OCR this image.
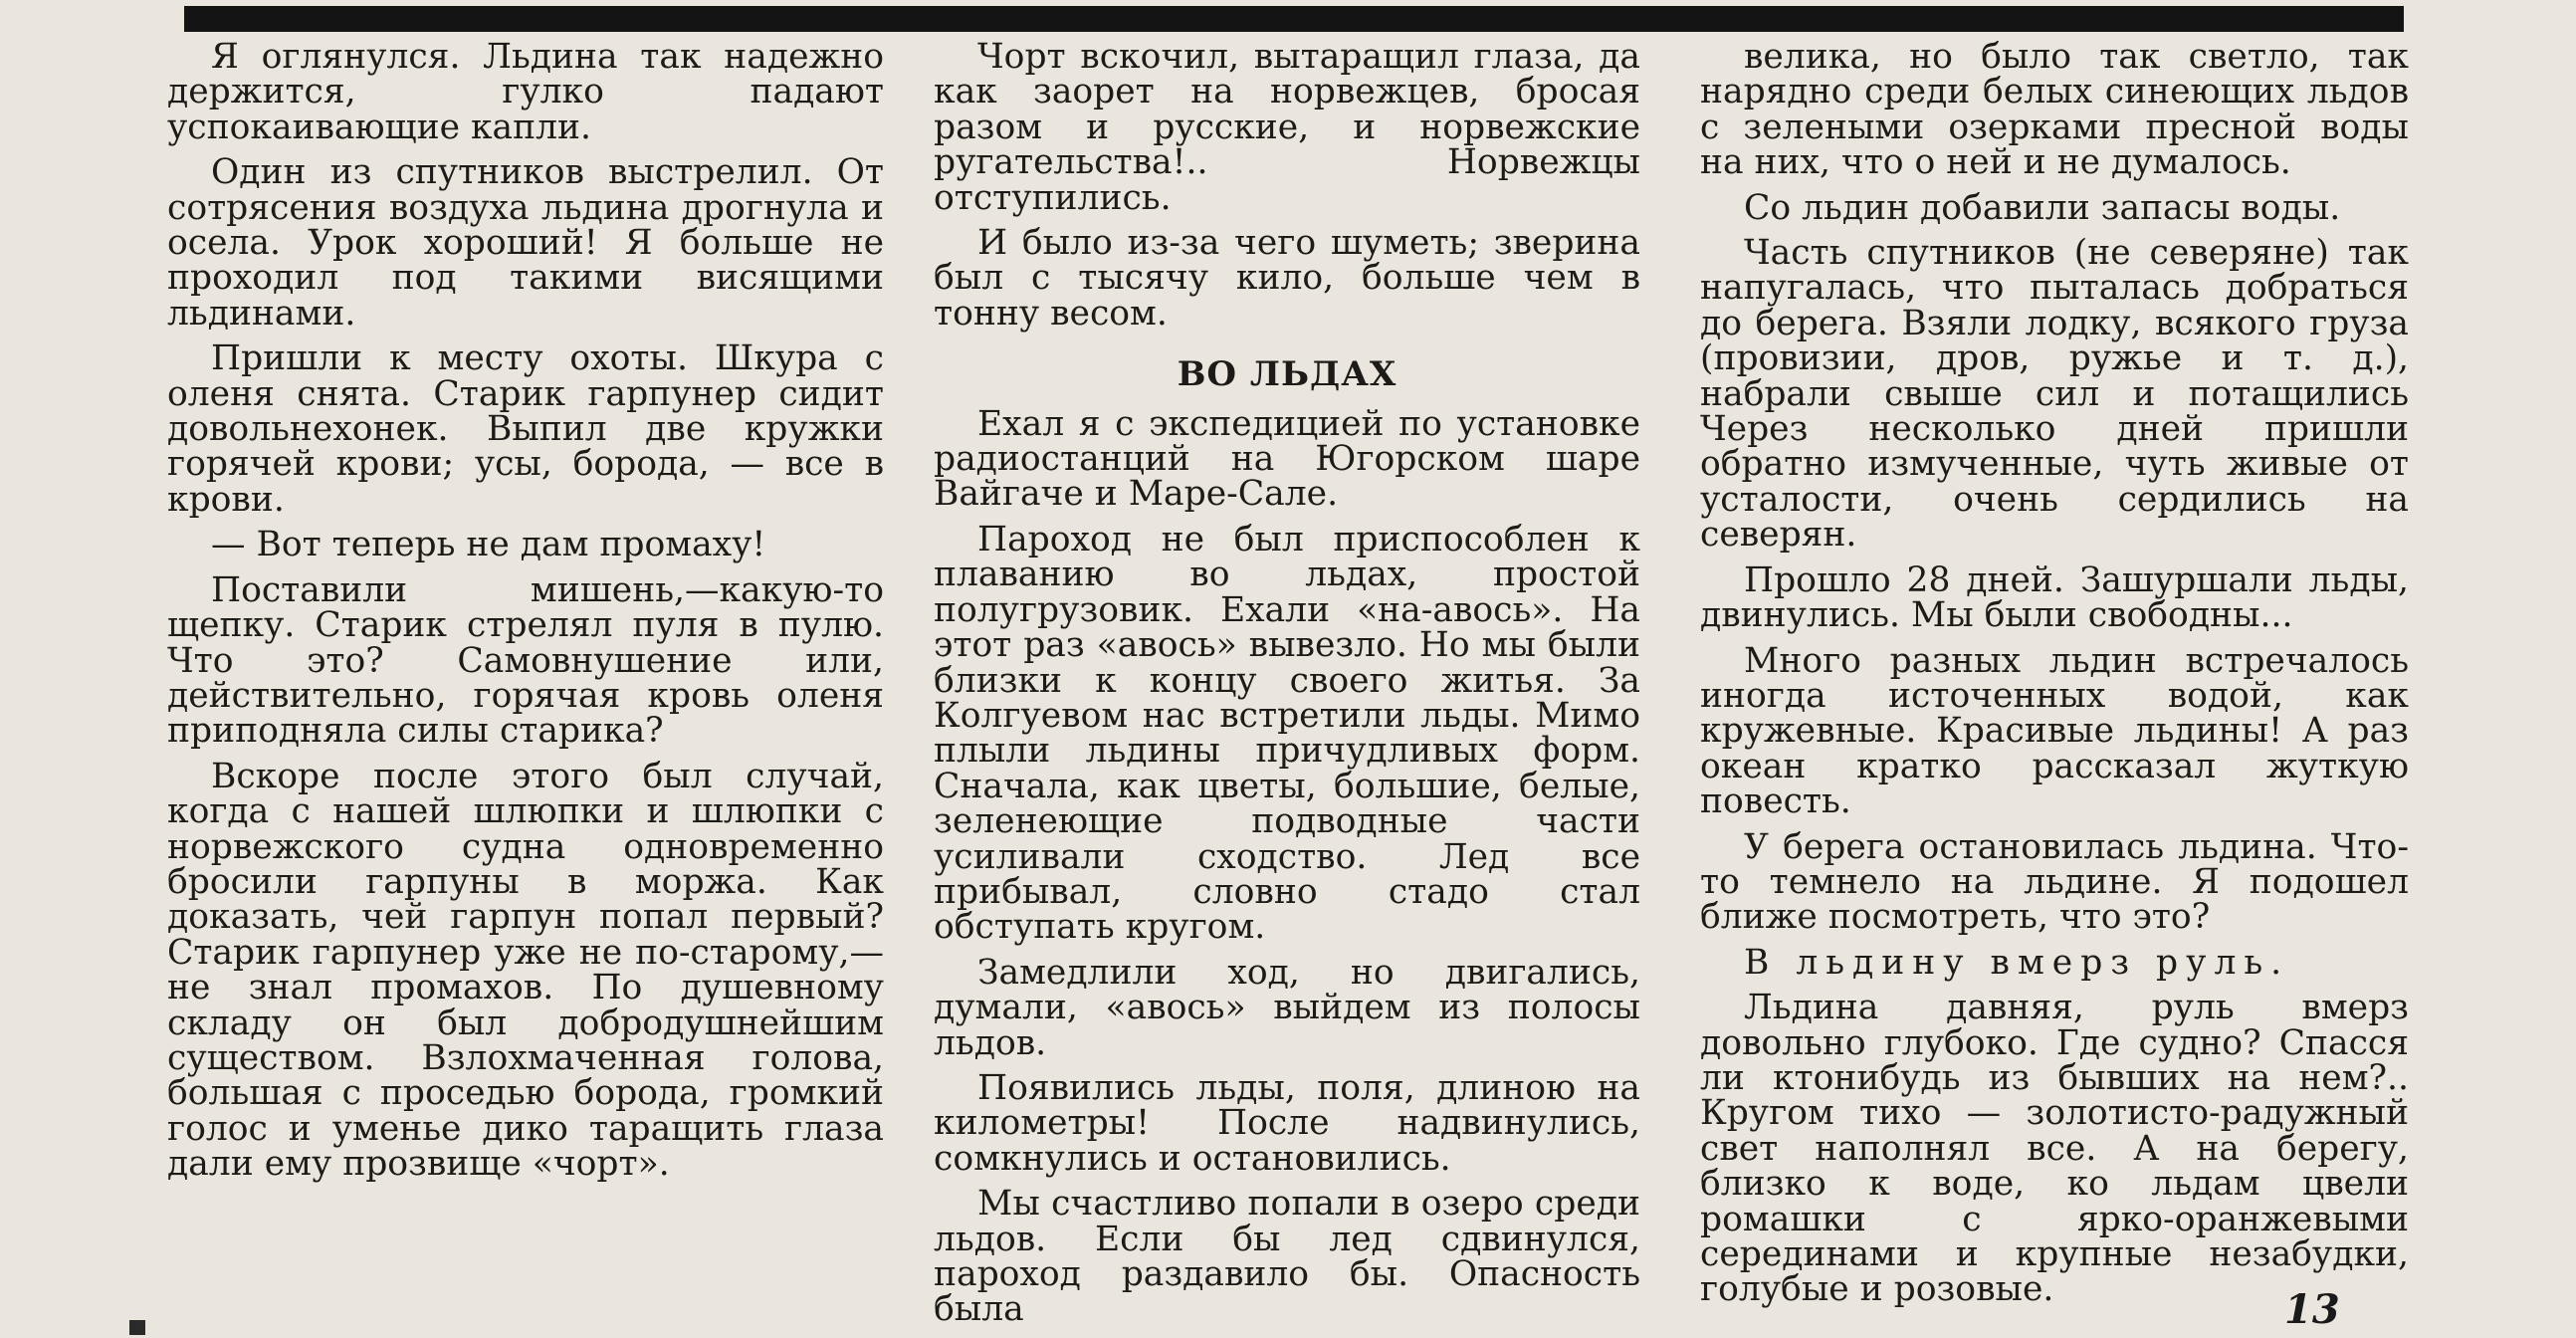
Я оглянулся. Льдина так надежно держится, гулко падают успокаивающие капли.

Один из спутников выстрелил. От сотрясения воздуха льдина дрогнула и осела. Урок хороший! Я больше не проходил под такими висящими льдинами.

Пришли к месту охоты. Шкура с оленя снята. Старик гарпунер сидит довольнехонек. Выпил две кружки горячей крови; усы, борода, — все в крови.

— Вот теперь не дам промаху!

Поставили мишень,—какую-то щепку. Старик стрелял пуля в пулю. Что это? Самовнушение или, действительно, горячая кровь оленя приподняла силы старика?

Вскоре после этого был случай, когда с нашей шлюпки и шлюпки с норвежского судна одновременно бросили гарпуны в моржа. Как доказать, чей гарпун попал первый? Старик гарпунер уже не по-старому,— не знал промахов. По душевному складу он был добродушнейшим существом. Взлохмаченная голова, большая с проседью борода, громкий голос и уменье дико таращить глаза дали ему прозвище «чорт».

Чорт вскочил, вытаращил глаза, да как заорет на норвежцев, бросая разом и русские, и норвежские ругательства!.. Норвежцы отступились.

И было из-за чего шуметь; зверина был с тысячу кило, больше чем в тонну весом.

ВО ЛЬДАХ

Ехал я с экспедицией по установке радиостанций на Югорском шаре Вайгаче и Маре-Сале.

Пароход не был приспособлен к плаванию во льдах, простой полугрузовик. Ехали «на-авось». На этот раз «авось» вывезло. Но мы были близки к концу своего житья. За Колгуевом нас встретили льды. Мимо плыли льдины причудливых форм. Сначала, как цветы, большие, белые, зеленеющие подводные части усиливали сходство. Лед все прибывал, словно стадо стал обступать кругом.

Замедлили ход, но двигались, думали, «авось» выйдем из полосы льдов.

Появились льды, поля, длиною на километры! После надвинулись, сомкнулись и остановились.

Мы счастливо попали в озеро среди льдов. Если бы лед сдвинулся, пароход раздавило бы. Опасность была

велика, но было так светло, так нарядно среди белых синеющих льдов с зелеными озерками пресной воды на них, что о ней и не думалось.

Со льдин добавили запасы воды.

Часть спутников (не северяне) так напугалась, что пыталась добраться до берега. Взяли лодку, всякого груза (провизии, дров, ружье и т. д.), набрали свыше сил и потащились Через несколько дней пришли обратно измученные, чуть живые от усталости, очень сердились на северян.

Прошло 28 дней. Зашуршали льды, двинулись. Мы были свободны...

Много разных льдин встречалось иногда источенных водой, как кружевные. Красивые льдины! А раз океан кратко рассказал жуткую повесть.

У берега остановилась льдина. Что-то темнело на льдине. Я подошел ближе посмотреть, что это?

В льдину вмерз руль.

Льдина давняя, руль вмерз довольно глубоко. Где судно? Спасся ли ктонибудь из бывших на нем?.. Кругом тихо — золотисто-радужный свет наполнял все. А на берегу, близко к воде, ко льдам цвели ромашки с ярко-оранжевыми серединами и крупные незабудки, голубые и розовые.	13
